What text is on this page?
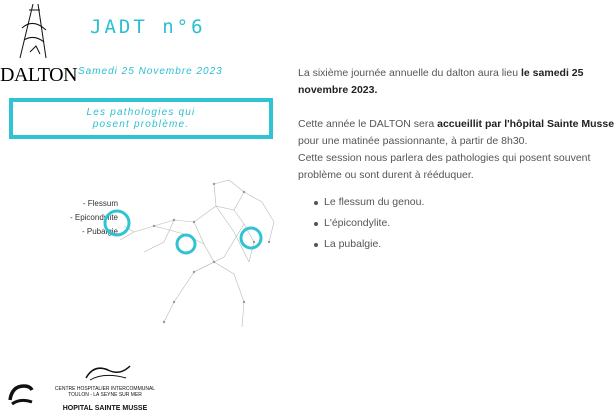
DALTON
JADT n°6
Samedi 25 Novembre 2023
Les pathologies qui
posent problème.
- Flessum
- Epicondylite
- Pubalgie
La sixième journée annuelle du dalton aura lieu le samedi 25
novembre 2023.
Cette année le DALTON sera accueillit par l'hôpital Sainte Musse
pour une matinée passionnante, à partir de 8h30.
Cette session nous parlera des pathologies qui posent souvent
problème ou sont durent à rééduquer.
Le flessum du genou.
L'épicondylite.
La pubalgie.
CENTRE HOSPITALIER INTERCOMMUNAL
TOULON - LA SEYNE SUR MER
HOPITAL SAINTE MUSSE
